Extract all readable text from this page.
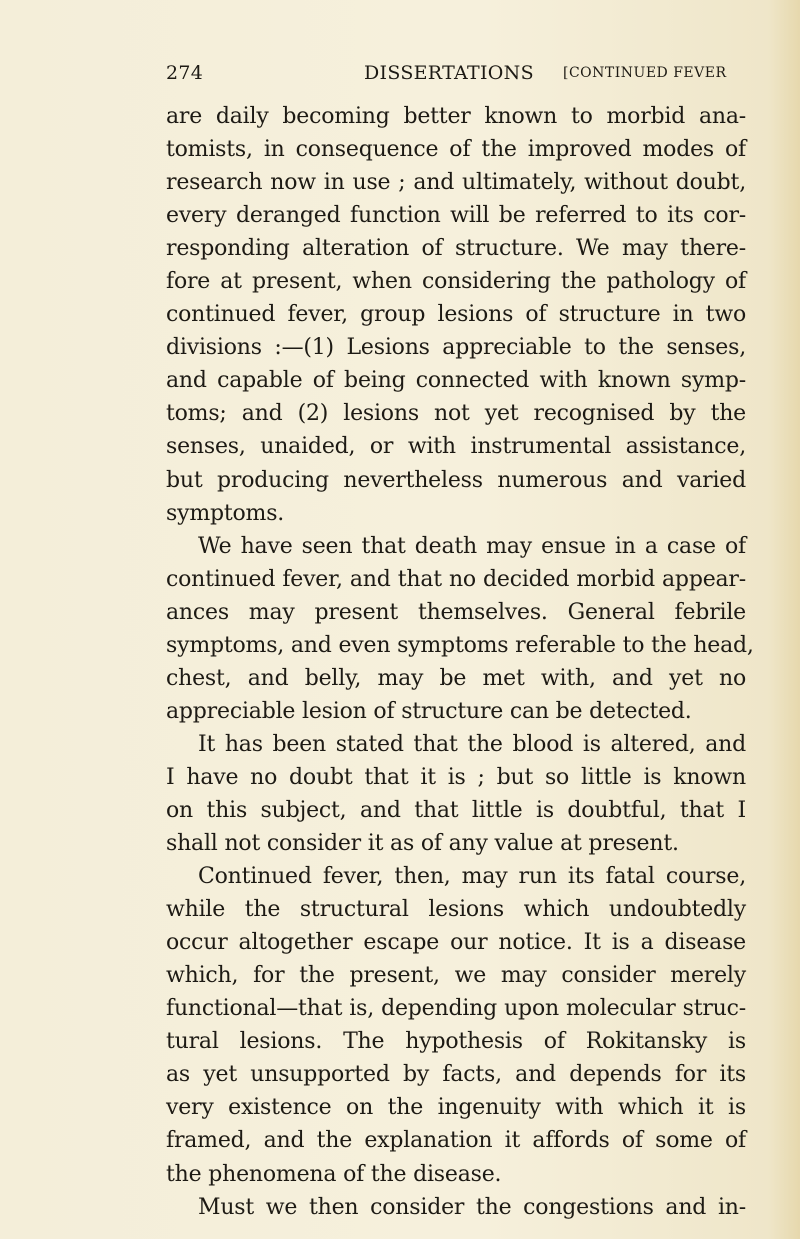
274	DISSERTATIONS [CONTINUED FEVER
are daily becoming better known to morbid ana-
tomists, in consequence of the improved modes of
research now in use ; and ultimately, without doubt,
every deranged function will be referred to its cor-
responding alteration of structure. We may there-
fore at present, when considering the pathology of
continued fever, group lesions of structure in two
divisions :—(1) Lesions appreciable to the senses,
and capable of being connected with known symp-
toms; and (2) lesions not yet recognised by the
senses, unaided, or with instrumental assistance,
but producing nevertheless numerous and varied
symptoms.
We have seen that death may ensue in a case of
continued fever, and that no decided morbid appear-
ances may present themselves. General febrile
symptoms, and even symptoms referable to the head,
chest, and belly, may be met with, and yet no
appreciable lesion of structure can be detected.
It has been stated that the blood is altered, and
I have no doubt that it is ; but so little is known
on this subject, and that little is doubtful, that I
shall not consider it as of any value at present.
Continued fever, then, may run its fatal course,
while the structural lesions which undoubtedly
occur altogether escape our notice. It is a disease
which, for the present, we may consider merely
functional—that is, depending upon molecular struc-
tural lesions. The hypothesis of Rokitansky is
as yet unsupported by facts, and depends for its
very existence on the ingenuity with which it is
framed, and the explanation it affords of some of
the phenomena of the disease.
Must we then consider the congestions and in-
